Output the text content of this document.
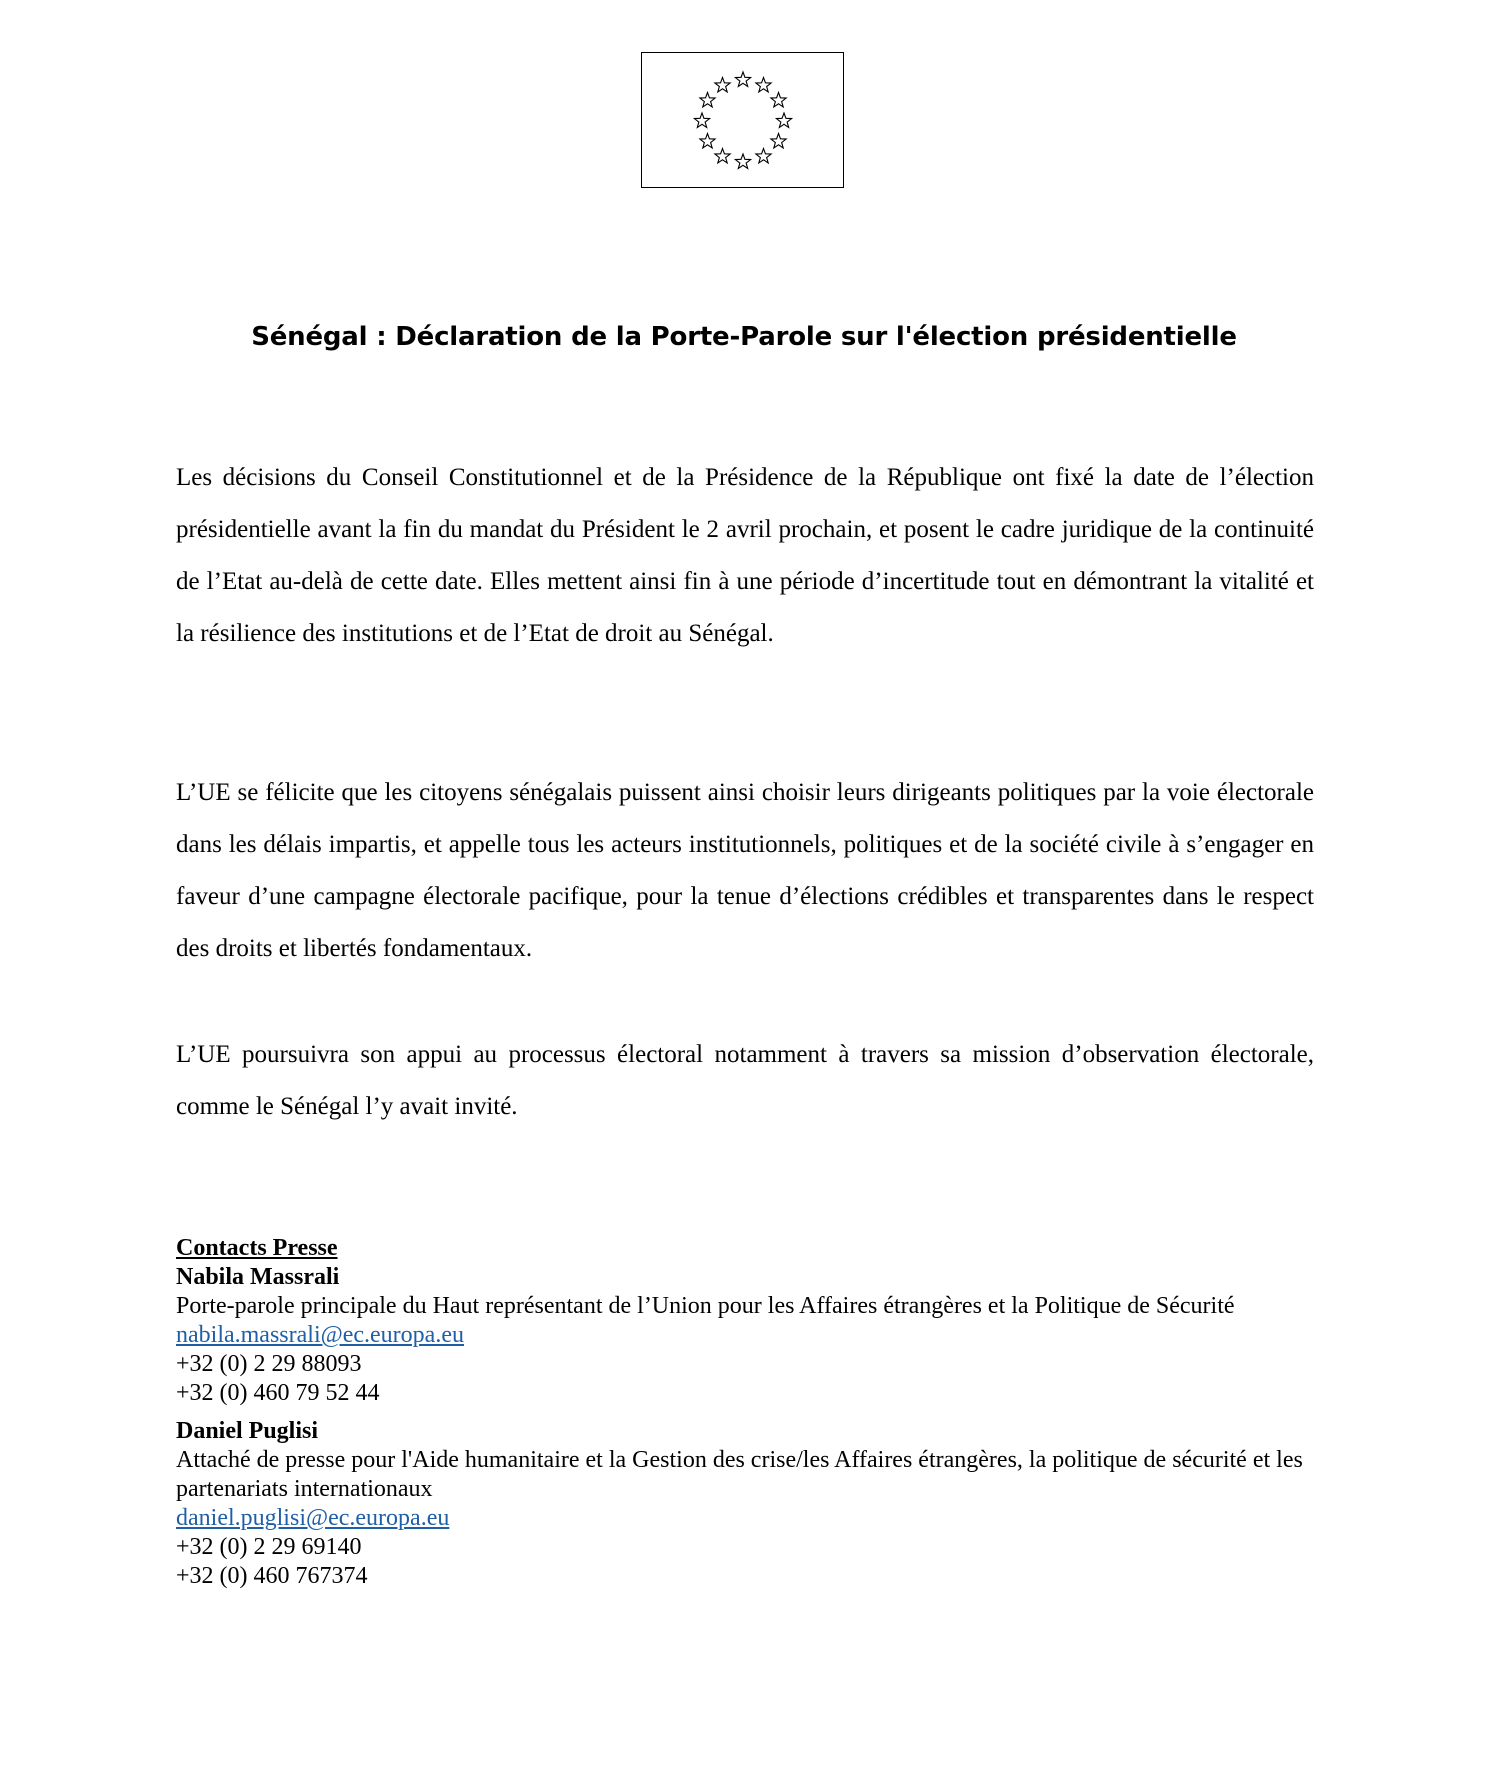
Sénégal : Déclaration de la Porte-Parole sur l'élection présidentielle
Les décisions du Conseil Constitutionnel et de la Présidence de la République ont fixé la date de l’élection présidentielle avant la fin du mandat du Président le 2 avril prochain, et posent le cadre juridique de la continuité de l’Etat au-delà de cette date. Elles mettent ainsi fin à une période d’incertitude tout en démontrant la vitalité et la résilience des institutions et de l’Etat de droit au Sénégal.
L’UE se félicite que les citoyens sénégalais puissent ainsi choisir leurs dirigeants politiques par la voie électorale dans les délais impartis, et appelle tous les acteurs institutionnels, politiques et de la société civile à s’engager en faveur d’une campagne électorale pacifique, pour la tenue d’élections crédibles et transparentes dans le respect des droits et libertés fondamentaux.
L’UE poursuivra son appui au processus électoral notamment à travers sa mission d’observation électorale, comme le Sénégal l’y avait invité.
Contacts Presse
Nabila Massrali
Porte-parole principale du Haut représentant de l’Union pour les Affaires étrangères et la Politique de Sécurité
nabila.massrali@ec.europa.eu
+32 (0) 2 29 88093
+32 (0) 460 79 52 44
Daniel Puglisi
Attaché de presse pour l'Aide humanitaire et la Gestion des crise/les Affaires étrangères, la politique de sécurité et les partenariats internationaux
daniel.puglisi@ec.europa.eu
+32 (0) 2 29 69140
+32 (0) 460 767374
